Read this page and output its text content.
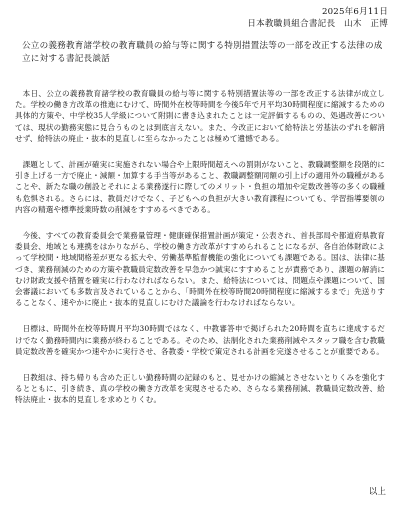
2025年6月11日
日本教職員組合書記長　山木　正博
公立の義務教育諸学校の教育職員の給与等に関する特別措置法等の一部を改正する法律の成立に対する書記長談話

本日、公立の義務教育諸学校の教育職員の給与等に関する特別措置法等の一部を改正する法律が成立した。学校の働き方改革の推進にむけて、時間外在校等時間を今後5年で月平均30時間程度に縮減するための具体的方策や、中学校35人学級について附則に書き込まれたことは一定評価するものの、処遇改善については、現状の勤務実態に見合うものとは到底言えない。また、今改正において給特法と労基法のずれを解消せず、給特法の廃止・抜本的見直しに至らなかったことは極めて遺憾である。

課題として、計画が確実に実施されない場合や上限時間超えへの罰則がないこと、教職調整額を段階的に引き上げる一方で廃止・減額・加算する手当等があること、教職調整額同額の引上げの適用外の職種があることや、新たな職の創設とそれによる業務遂行に際してのメリット・負担の増加や定数改善等の多くの職種も危惧される。さらには、教員だけでなく、子どもへの負担が大きい教育課程についても、学習指導要領の内容の精選や標準授業時数の削減をすすめるべきである。

今後、すべての教育委員会で業務量管理・健康確保措置計画が策定・公表され、首長部局や都道府県教育委員会、地域とも連携をはかりながら、学校の働き方改革がすすめられることになるが、各自治体財政によって学校間・地域間格差が更なる拡大や、労働基準監督機能の強化についても課題である。国は、法律に基づき、業務削減のための方策や教職員定数改善を早急かつ誠実にすすめることが責務であり、課題の解消にむけ財政支援や措置を確実に行わなければならない。また、給特法については、問題点や課題について、国会審議においても多数言及されていることから、「時間外在校等時間20時間程度に縮減するまで」先送りすることなく、速やかに廃止・抜本的見直しにむけた議論を行わなければならない。

日標は、時間外在校等時間月平均30時間ではなく、中教審答申で掲げられた20時間を直ちに達成するだけでなく勤務時間内に業務が終わることである。そのため、法制化された業務削減やスタッフ職を含む教職員定数改善を確実かつ速やかに実行させ、各教委・学校で策定される計画を完遂させることが重要である。

日教組は、持ち帰りも含めた正しい勤務時間の記録のもと、見せかけの縮減とさせないとりくみを強化するとともに、引き続き、真の学校の働き方改革を実現させるため、さらなる業務削減、教職員定数改善、給特法廃止・抜本的見直しを求めとりくむ。

以上
